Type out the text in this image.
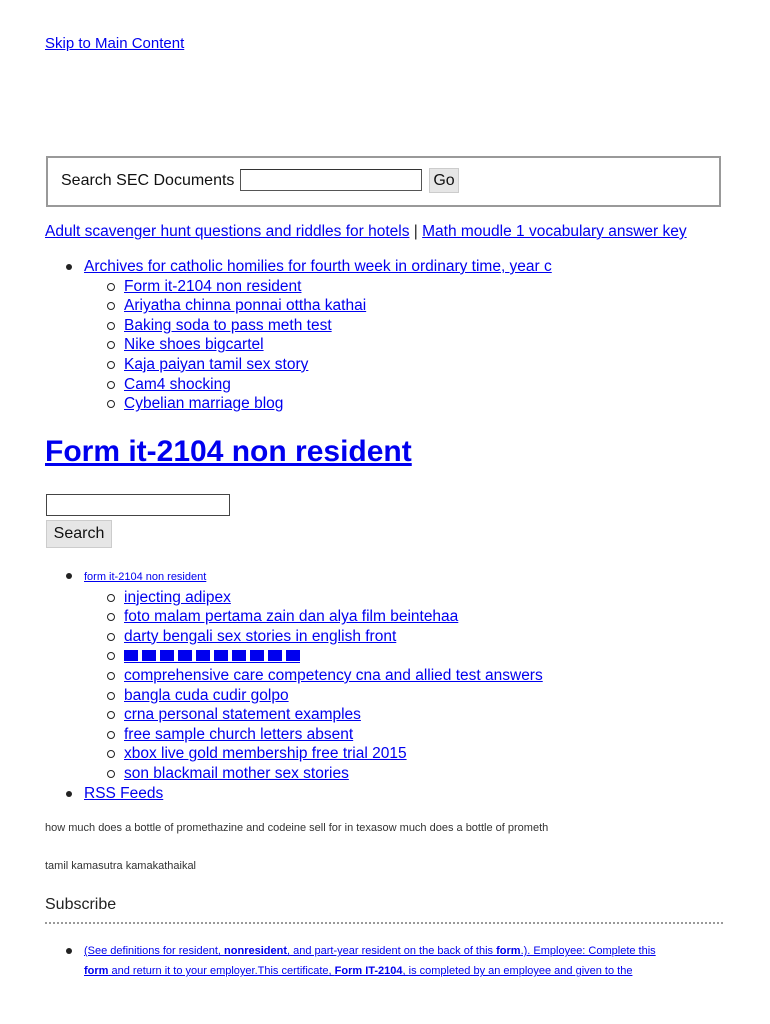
Skip to Main Content
Search SEC Documents	Go
Adult scavenger hunt questions and riddles for hotels | Math moudle 1 vocabulary answer key
Archives for catholic homilies for fourth week in ordinary time, year c
Form it-2104 non resident
Ariyatha chinna ponnai ottha kathai
Baking soda to pass meth test
Nike shoes bigcartel
Kaja paiyan tamil sex story
Cam4 shocking
Cybelian marriage blog
Form it-2104 non resident
Search
form it-2104 non resident
injecting adipex
foto malam pertama zain dan alya film beintehaa
darty bengali sex stories in english front
comprehensive care competency cna and allied test answers
bangla cuda cudir golpo
crna personal statement examples
free sample church letters absent
xbox live gold membership free trial 2015
son blackmail mother sex stories
RSS Feeds
how much does a bottle of promethazine and codeine sell for in texasow much does a bottle of prometh
tamil kamasutra kamakathaikal
Subscribe
(See definitions for resident, nonresident, and part-year resident on the back of this form.). Employee: Complete this
form and return it to your employer.This certificate, Form IT-2104, is completed by an employee and given to the
